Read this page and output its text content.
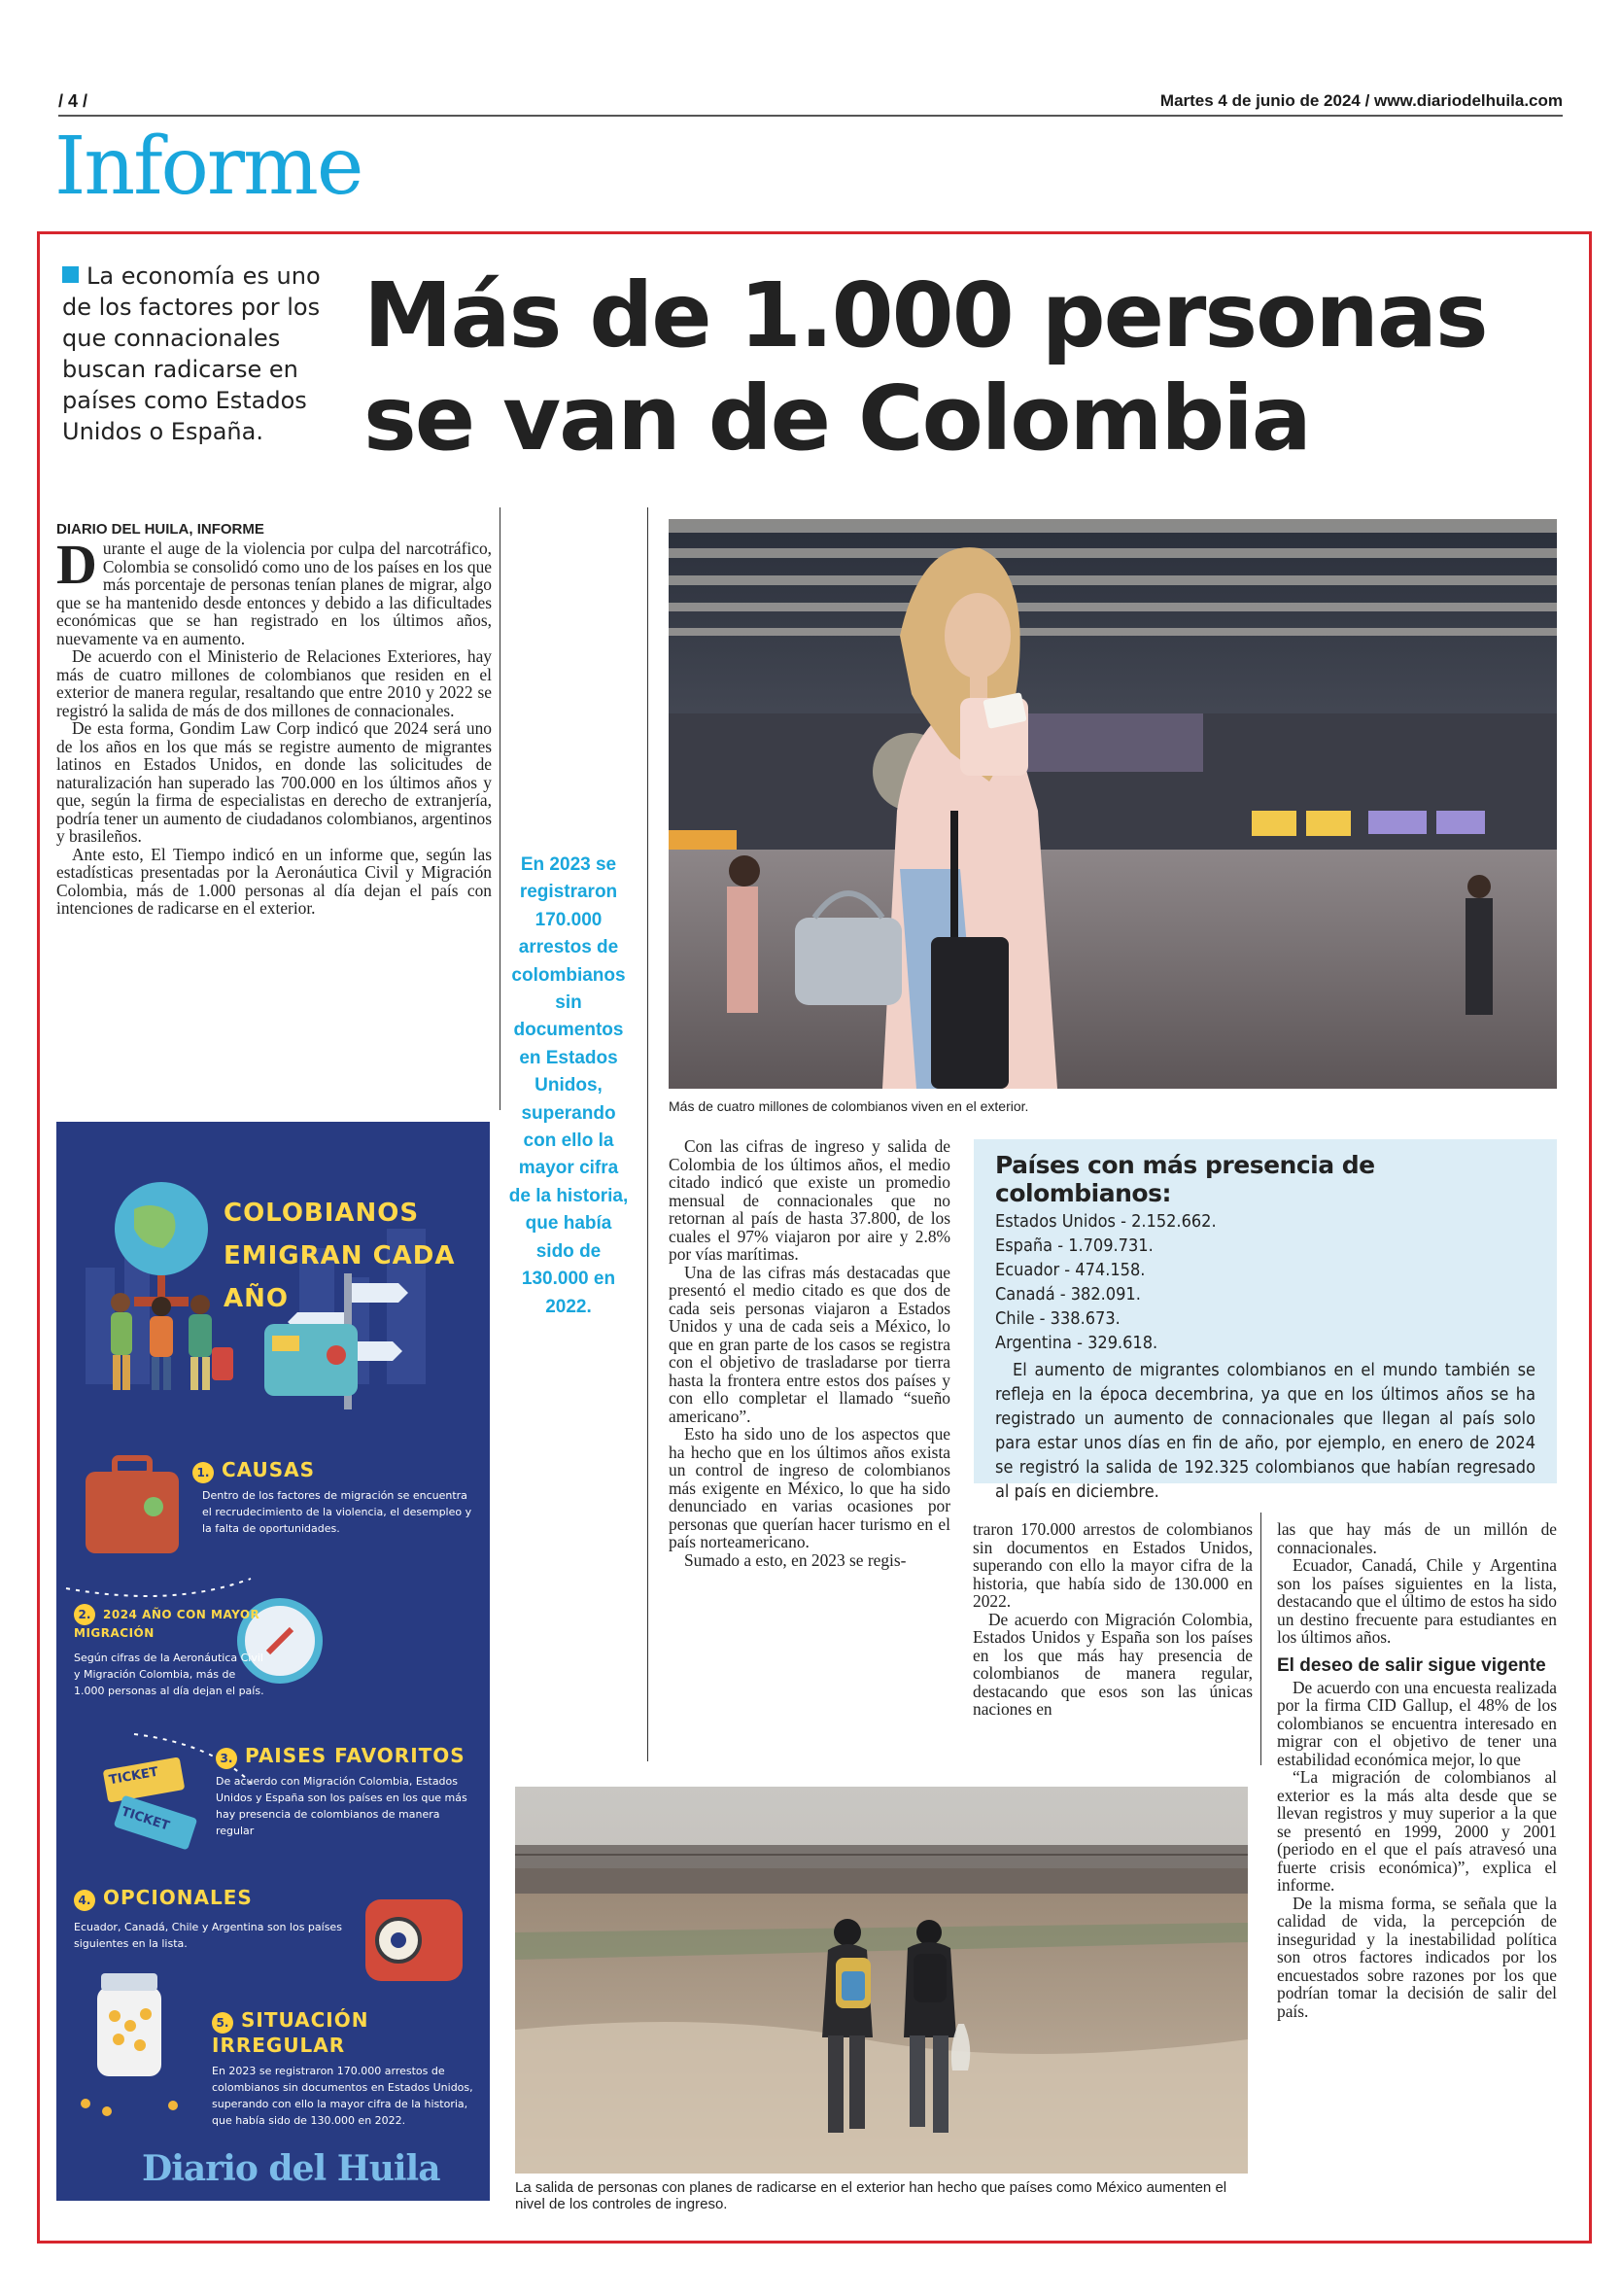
/ 4 /	Martes 4 de junio de 2024 / www.diariodelhuila.com
Informe
La economía es uno de los factores por los que connacionales buscan radicarse en países como Estados Unidos o España.
Más de 1.000 personas se van de Colombia
DIARIO DEL HUILA, INFORME

Durante el auge de la violencia por culpa del narcotráfico, Colombia se consolidó como uno de los países en los que más porcentaje de personas tenían planes de migrar, algo que se ha mantenido desde entonces y debido a las dificultades económicas que se han registrado en los últimos años, nuevamente va en aumento.

De acuerdo con el Ministerio de Relaciones Exteriores, hay más de cuatro millones de colombianos que residen en el exterior de manera regular, resaltando que entre 2010 y 2022 se registró la salida de más de dos millones de connacionales.

De esta forma, Gondim Law Corp indicó que 2024 será uno de los años en los que más se registre aumento de migrantes latinos en Estados Unidos, en donde las solicitudes de naturalización han superado las 700.000 en los últimos años y que, según la firma de especialistas en derecho de extranjería, podría tener un aumento de ciudadanos colombianos, argentinos y brasileños.

Ante esto, El Tiempo indicó en un informe que, según las estadísticas presentadas por la Aeronáutica Civil y Migración Colombia, más de 1.000 personas al día dejan el país con intenciones de radicarse en el exterior.

En 2023 se registraron 170.000 arrestos de colombianos sin documentos en Estados Unidos, superando con ello la mayor cifra de la historia, que había sido de 130.000 en 2022.
Más de cuatro millones de colombianos viven en el exterior.

Con las cifras de ingreso y salida de Colombia de los últimos años, el medio citado indicó que existe un promedio mensual de connacionales que no retornan al país de hasta 37.800, de los cuales el 97% viajaron por aire y 2.8% por vías marítimas.

Una de las cifras más destacadas que presentó el medio citado es que dos de cada seis personas viajaron a Estados Unidos y una de cada seis a México, lo que en gran parte de los casos se registra con el objetivo de trasladarse por tierra hasta la frontera entre estos dos países y con ello completar el llamado “sueño americano”.

Esto ha sido uno de los aspectos que ha hecho que en los últimos años exista un control de ingreso de colombianos más exigente en México, lo que ha sido denunciado en varias ocasiones por personas que querían hacer turismo en el país norteamericano.

Sumado a esto, en 2023 se regis-

Países con más presencia de colombianos:
Estados Unidos - 2.152.662.
España - 1.709.731.
Ecuador - 474.158.
Canadá - 382.091.
Chile - 338.673.
Argentina - 329.618.
El aumento de migrantes colombianos en el mundo también se refleja en la época decembrina, ya que en los últimos años se ha registrado un aumento de connacionales que llegan al país solo para estar unos días en fin de año, por ejemplo, en enero de 2024 se registró la salida de 192.325 colombianos que habían regresado al país en diciembre.

traron 170.000 arrestos de colombianos sin documentos en Estados Unidos, superando con ello la mayor cifra de la historia, que había sido de 130.000 en 2022.

De acuerdo con Migración Colombia, Estados Unidos y España son los países en los que más hay presencia de colombianos de manera regular, destacando que esos son las únicas naciones en

las que hay más de un millón de connacionales.

Ecuador, Canadá, Chile y Argentina son los países siguientes en la lista, destacando que el último de estos ha sido un destino frecuente para estudiantes en los últimos años.

El deseo de salir sigue vigente

De acuerdo con una encuesta realizada por la firma CID Gallup, el 48% de los colombianos se encuentra interesado en migrar con el objetivo de tener una estabilidad económica mejor, lo que

“La migración de colombianos al exterior es la más alta desde que se llevan registros y muy superior a la que se presentó en 1999, 2000 y 2001 (periodo en el que el país atravesó una fuerte crisis económica)”, explica el informe.

De la misma forma, se señala que la calidad de vida, la percepción de inseguridad y la inestabilidad política son otros factores indicados por los encuestados sobre razones por los que podrían tomar la decisión de salir del país.

La salida de personas con planes de radicarse en el exterior han hecho que países como México aumenten el nivel de los controles de ingreso.
COLOBIANOS EMIGRAN CADA AÑO
1. CAUSAS
Dentro de los factores de migración se encuentra el recrudecimiento de la violencia, el desempleo y la falta de oportunidades.
2. 2024 AÑO CON MAYOR MIGRACIÓN
Según cifras de la Aeronáutica Civil y Migración Colombia, más de 1.000 personas al día dejan el país.
3. PAISES FAVORITOS
De acuerdo con Migración Colombia, Estados Unidos y España son los países en los que más hay presencia de colombianos de manera regular
TICKET
TICKET
4. OPCIONALES
Ecuador, Canadá, Chile y Argentina son los países siguientes en la lista.
5. SITUACIÓN IRREGULAR
En 2023 se registraron 170.000 arrestos de colombianos sin documentos en Estados Unidos, superando con ello la mayor cifra de la historia, que había sido de 130.000 en 2022.
Diario del Huila
